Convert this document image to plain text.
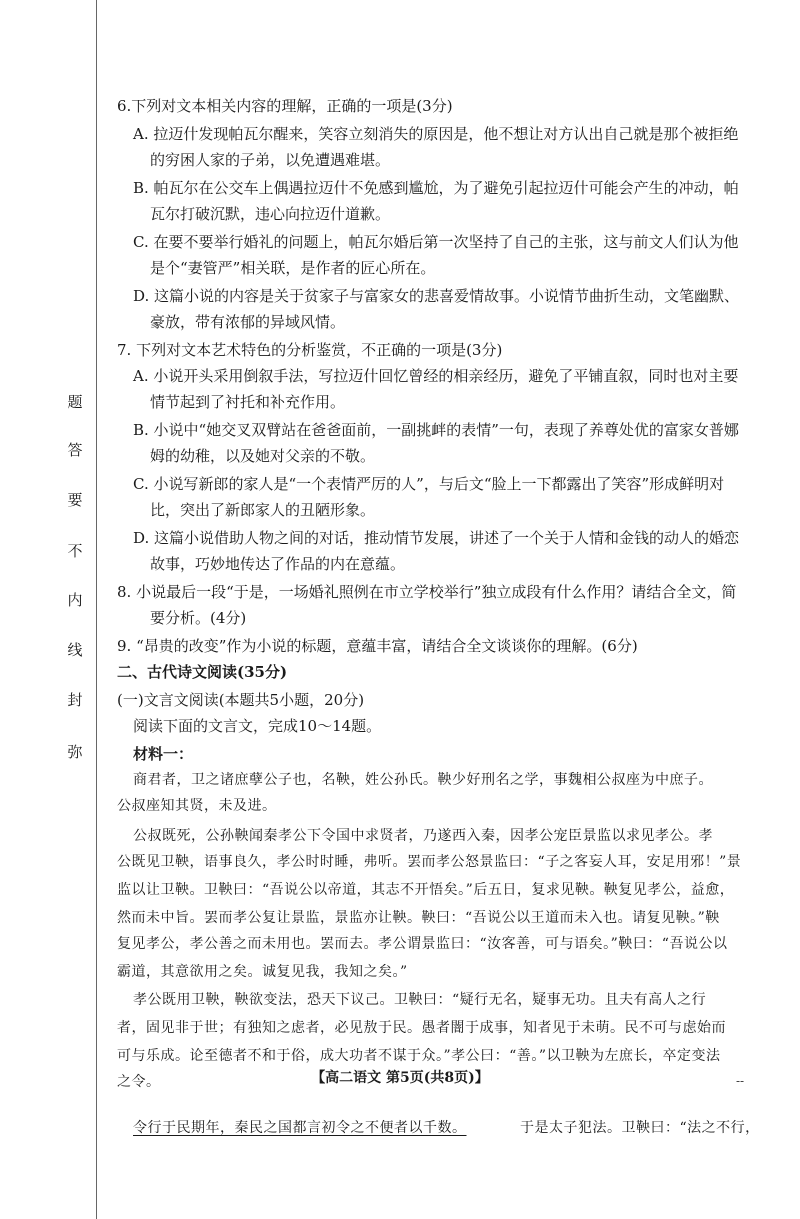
题
答
要
不
内
线
封
弥
6.下列对文本相关内容的理解，正确的一项是(3分)
A. 拉迈什发现帕瓦尔醒来，笑容立刻消失的原因是，他不想让对方认出自己就是那个被拒绝
的穷困人家的子弟，以免遭遇难堪。
B. 帕瓦尔在公交车上偶遇拉迈什不免感到尴尬，为了避免引起拉迈什可能会产生的冲动，帕
瓦尔打破沉默，违心向拉迈什道歉。
C. 在要不要举行婚礼的问题上，帕瓦尔婚后第一次坚持了自己的主张，这与前文人们认为他
是个“妻管严”相关联，是作者的匠心所在。
D. 这篇小说的内容是关于贫家子与富家女的悲喜爱情故事。小说情节曲折生动，文笔幽默、
豪放，带有浓郁的异域风情。
7. 下列对文本艺术特色的分析鉴赏，不正确的一项是(3分)
A. 小说开头采用倒叙手法，写拉迈什回忆曾经的相亲经历，避免了平铺直叙，同时也对主要
情节起到了衬托和补充作用。
B. 小说中“她交叉双臂站在爸爸面前，一副挑衅的表情”一句，表现了养尊处优的富家女普娜
姆的幼稚，以及她对父亲的不敬。
C. 小说写新郎的家人是“一个表情严厉的人”，与后文“脸上一下都露出了笑容”形成鲜明对
比，突出了新郎家人的丑陋形象。
D. 这篇小说借助人物之间的对话，推动情节发展，讲述了一个关于人情和金钱的动人的婚恋
故事，巧妙地传达了作品的内在意蕴。
8. 小说最后一段“于是，一场婚礼照例在市立学校举行”独立成段有什么作用？请结合全文，简
要分析。(4分)
9. “昂贵的改变”作为小说的标题，意蕴丰富，请结合全文谈谈你的理解。(6分)
二、古代诗文阅读(35分)
(一)文言文阅读(本题共5小题，20分)
阅读下面的文言文，完成10～14题。
材料一：
商君者，卫之诸庶孽公子也，名鞅，姓公孙氏。鞅少好刑名之学，事魏相公叔座为中庶子。
公叔座知其贤，未及进。
公叔既死，公孙鞅闻秦孝公下令国中求贤者，乃遂西入秦，因孝公宠臣景监以求见孝公。孝
公既见卫鞅，语事良久，孝公时时睡，弗听。罢而孝公怒景监曰：“子之客妄人耳，安足用邪！”景
监以让卫鞅。卫鞅曰：“吾说公以帝道，其志不开悟矣。”后五日，复求见鞅。鞅复见孝公，益愈，
然而未中旨。罢而孝公复让景监，景监亦让鞅。鞅曰：“吾说公以王道而未入也。请复见鞅。”鞅
复见孝公，孝公善之而未用也。罢而去。孝公谓景监曰：“汝客善，可与语矣。”鞅曰：“吾说公以
霸道，其意欲用之矣。诚复见我，我知之矣。”
孝公既用卫鞅，鞅欲变法，恐天下议己。卫鞅曰：“疑行无名，疑事无功。且夫有高人之行
者，固见非于世；有独知之虑者，必见敖于民。愚者闇于成事，知者见于未萌。民不可与虑始而
可与乐成。论至德者不和于俗，成大功者不谋于众。”孝公曰：“善。”以卫鞅为左庶长，卒定变法
之令。
令行于民期年，秦民之国都言初令之不便者以千数。	于是太子犯法。卫鞅曰：“法之不行，
【高二语文 第5页(共8页)】	--
